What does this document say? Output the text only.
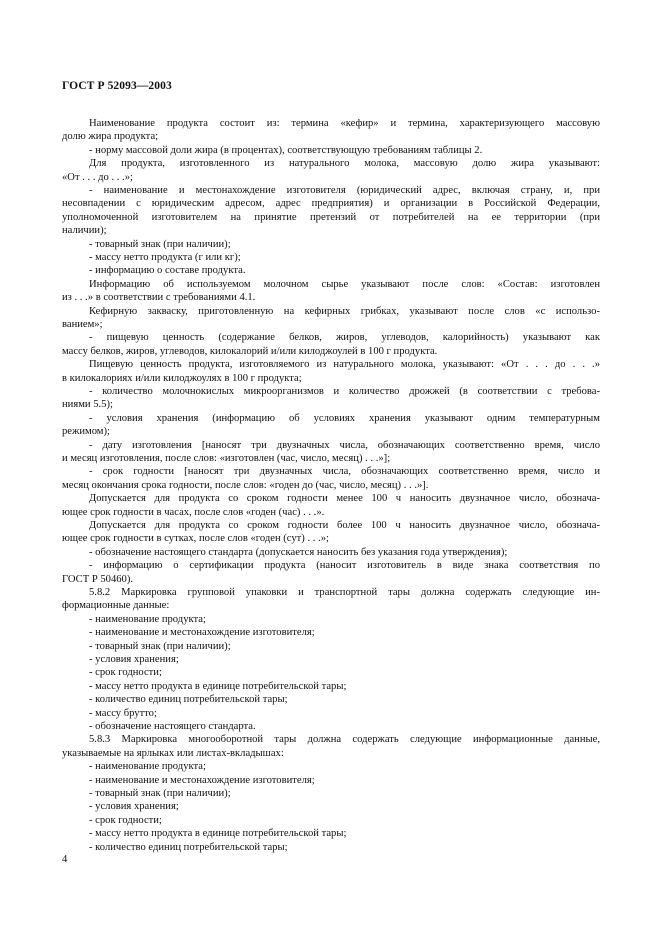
ГОСТ Р 52093—2003

Наименование продукта состоит из: термина «кефир» и термина, характеризующего массовую

долю жира продукта;

- норму массовой доли жира (в процентах), соответствующую требованиям таблицы 2.

Для продукта, изготовленного из натурального молока, массовую долю жира указывают:

«От . . . до . . .»;

- наименование и местонахождение изготовителя (юридический адрес, включая страну, и, при

несовпадении с юридическим адресом, адрес предприятия) и организации в Российской Федерации,

уполномоченной изготовителем на принятие претензий от потребителей на ее территории (при

наличии);

- товарный знак (при наличии);

- массу нетто продукта (г или кг);

- информацию о составе продукта.

Информацию об используемом молочном сырье указывают после слов: «Состав: изготовлен

из . . .» в соответствии с требованиями 4.1.

Кефирную закваску, приготовленную на кефирных грибках, указывают после слов «с использо-

ванием»;

- пищевую ценность (содержание белков, жиров, углеводов, калорийность) указывают как

массу белков, жиров, углеводов, килокалорий и/или килоджоулей в 100 г продукта.

Пищевую ценность продукта, изготовляемого из натурального молока, указывают: «От . . . до . . .»

в килокалориях и/или килоджоулях в 100 г продукта;

- количество молочнокислых микроорганизмов и количество дрожжей (в соответствии с требова-

ниями 5.5);

- условия хранения (информацию об условиях хранения указывают одним температурным

режимом);

- дату изготовления [наносят три двузначных числа, обозначающих соответственно время, число

и месяц изготовления, после слов: «изготовлен (час, число, месяц) . . .»];

- срок годности [наносят три двузначных числа, обозначающих соответственно время, число и

месяц окончания срока годности, после слов: «годен до (час, число, месяц) . . .»].

Допускается для продукта со сроком годности менее 100 ч наносить двузначное число, обознача-

ющее срок годности в часах, после слов «годен (час) . . .».

Допускается для продукта со сроком годности более 100 ч наносить двузначное число, обознача-

ющее срок годности в сутках, после слов «годен (сут) . . .»;

- обозначение настоящего стандарта (допускается наносить без указания года утверждения);

- информацию о сертификации продукта (наносит изготовитель в виде знака соответствия по

ГОСТ Р 50460).

5.8.2 Маркировка групповой упаковки и транспортной тары должна содержать следующие ин-

формационные данные:

- наименование продукта;

- наименование и местонахождение изготовителя;

- товарный знак (при наличии);

- условия хранения;

- срок годности;

- массу нетто продукта в единице потребительской тары;

- количество единиц потребительской тары;

- массу брутто;

- обозначение настоящего стандарта.

5.8.3 Маркировка многооборотной тары должна содержать следующие информационные данные,

указываемые на ярлыках или листах-вкладышах:

- наименование продукта;

- наименование и местонахождение изготовителя;

- товарный знак (при наличии);

- условия хранения;

- срок годности;

- массу нетто продукта в единице потребительской тары;

- количество единиц потребительской тары;

4
